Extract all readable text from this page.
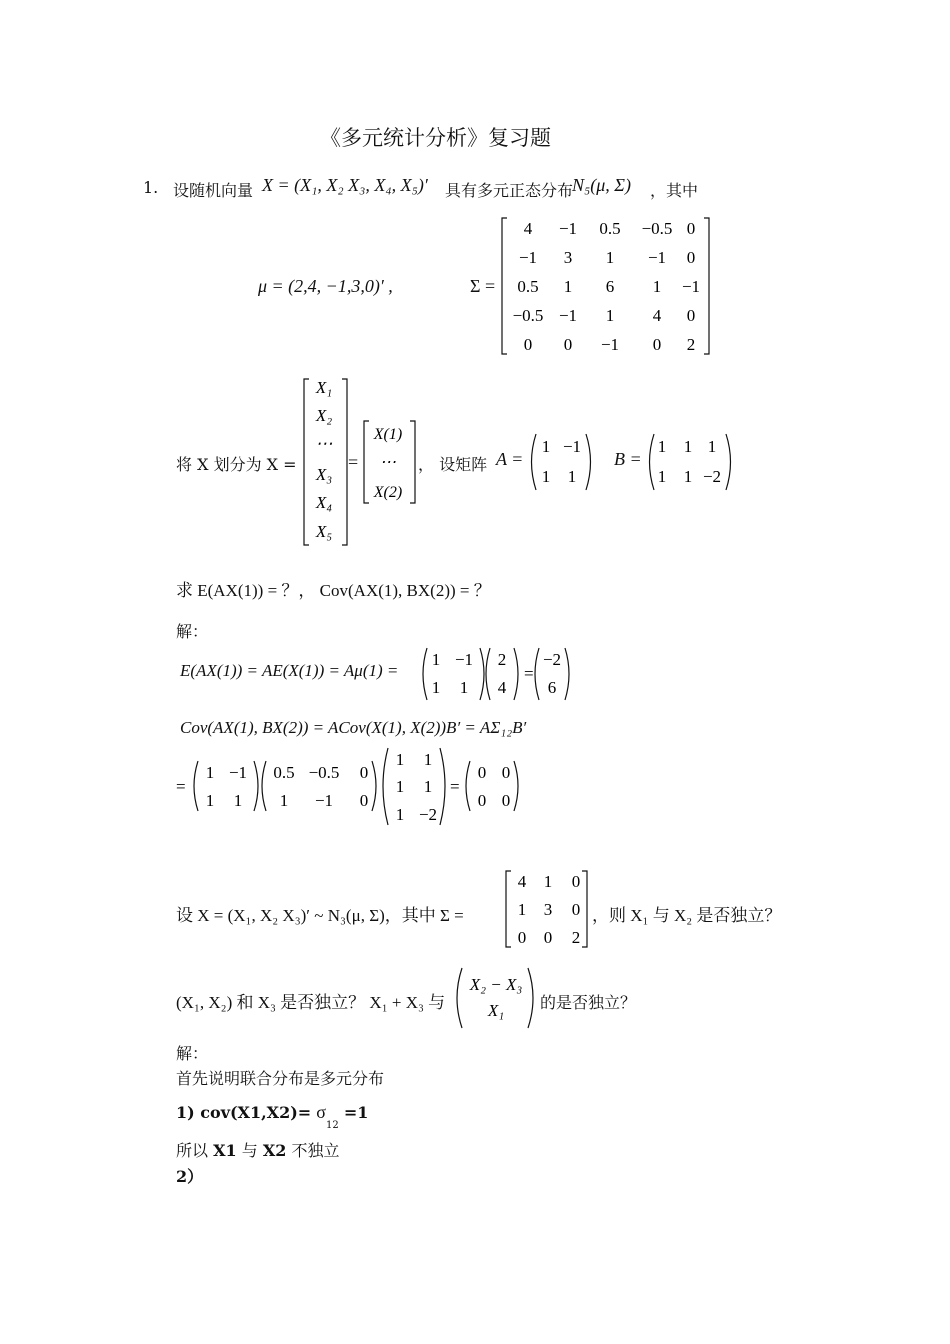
《多元统计分析》复习题
1. 设随机向量 X = (X₁, X₂ X₃, X₄, X₅)′ 具有多元正态分布
N₅(μ, Σ) ，其中
μ = (2,4, −1,3,0)′ ,	Σ =
4 −1 0.5 −0.5 0
−1 3 1 −1 0
0.5 1 6 1 −1
−0.5 −1 1 4 0
0 0 −1 0 2
将 X 划分为 X =
X₁
X₂
⋯
X₃
X₄
X₅
=
X(1)
⋯
X(2)
， 设矩阵 A =
1 −1
1 1
B =
1 1 1
1 1 −2
求 E(AX(1)) = ？， Cov(AX(1), BX(2)) = ？
解：
E(AX(1)) = AE(X(1)) = Aμ(1) =	=
1 −1
1 1
2
4
−2
6
Cov(AX(1), BX(2)) = ACov(X(1), X(2))B′ = AΣ₁₂B′
=	=
1 −1
1 1
0.5 −0.5 0
1 −1 0
1 1
1 1
1 −2
0 0
0 0
设 X = (X₁, X₂ X₃)′ ~ N₃(μ, Σ)，其中 Σ =
4 1 0
1 3 0
0 0 2
，则 X₁ 与 X₂ 是否独立？
(X₁, X₂) 和 X₃ 是否独立？ X₁ + X₃ 与
X₂ − X₃
X₁ 的是否独立？
解：
首先说明联合分布是多元分布
1) $cov(X1,X2)= \sigma_{12} =1$
所以 X1 与 X2 不独立
2）
